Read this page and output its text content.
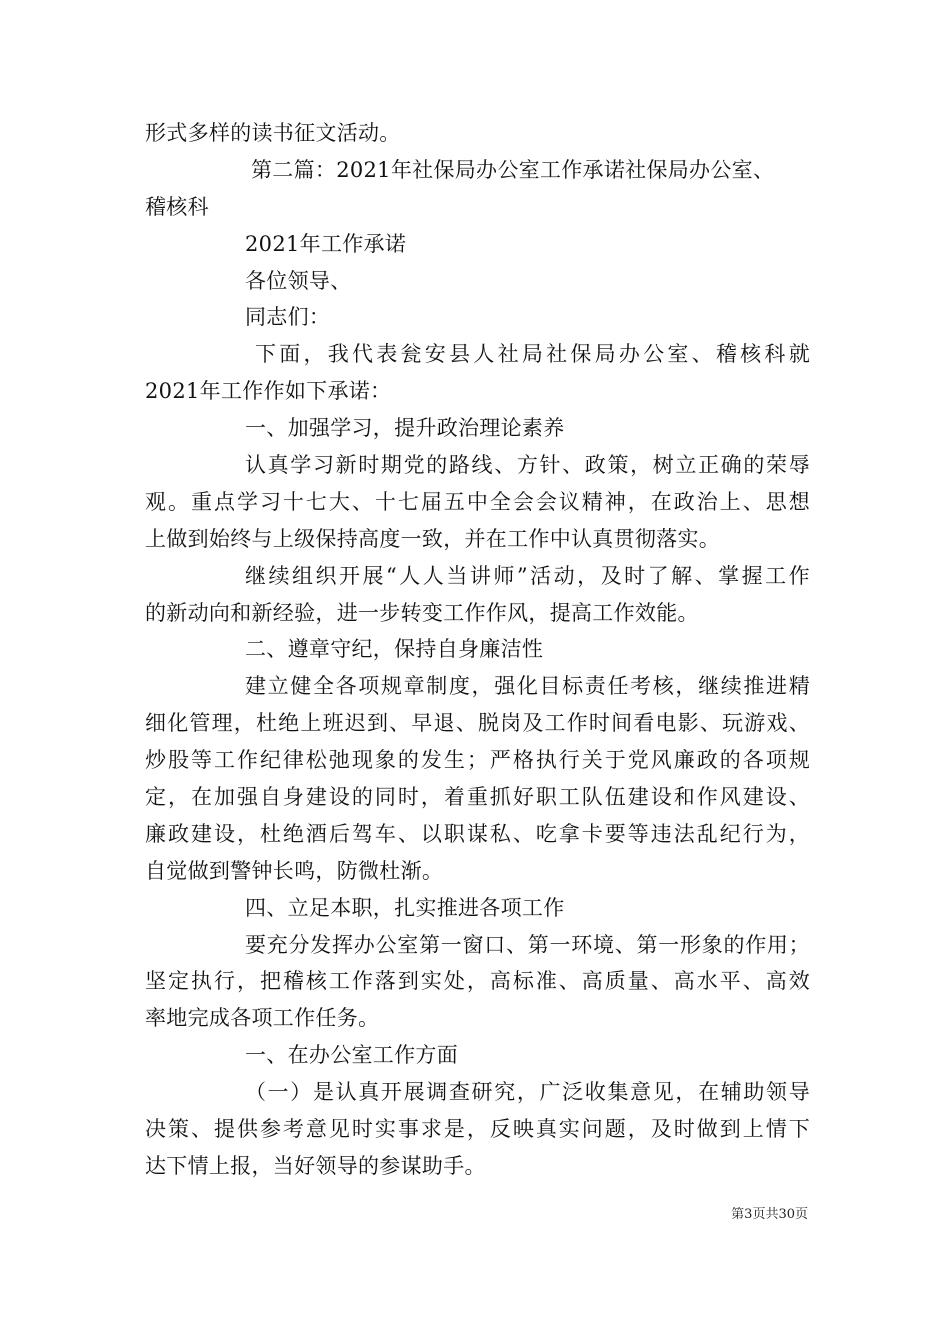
形式多样的读书征文活动。
第二篇：2021年社保局办公室工作承诺社保局办公室、
稽核科
2021年工作承诺
各位领导、
同志们：
下面，我代表瓮安县人社局社保局办公室、稽核科就
2021年工作作如下承诺：
一、加强学习，提升政治理论素养
认真学习新时期党的路线、方针、政策，树立正确的荣辱
观。重点学习十七大、十七届五中全会会议精神，在政治上、思想
上做到始终与上级保持高度一致，并在工作中认真贯彻落实。
继续组织开展“人人当讲师”活动，及时了解、掌握工作
的新动向和新经验，进一步转变工作作风，提高工作效能。
二、遵章守纪，保持自身廉洁性
建立健全各项规章制度，强化目标责任考核，继续推进精
细化管理，杜绝上班迟到、早退、脱岗及工作时间看电影、玩游戏、
炒股等工作纪律松弛现象的发生；严格执行关于党风廉政的各项规
定，在加强自身建设的同时，着重抓好职工队伍建设和作风建设、
廉政建设，杜绝酒后驾车、以职谋私、吃拿卡要等违法乱纪行为，
自觉做到警钟长鸣，防微杜渐。
四、立足本职，扎实推进各项工作
要充分发挥办公室第一窗口、第一环境、第一形象的作用；
坚定执行，把稽核工作落到实处，高标准、高质量、高水平、高效
率地完成各项工作任务。
一、在办公室工作方面
（一）是认真开展调查研究，广泛收集意见，在辅助领导
决策、提供参考意见时实事求是，反映真实问题，及时做到上情下
达下情上报，当好领导的参谋助手。
第3页共30页
